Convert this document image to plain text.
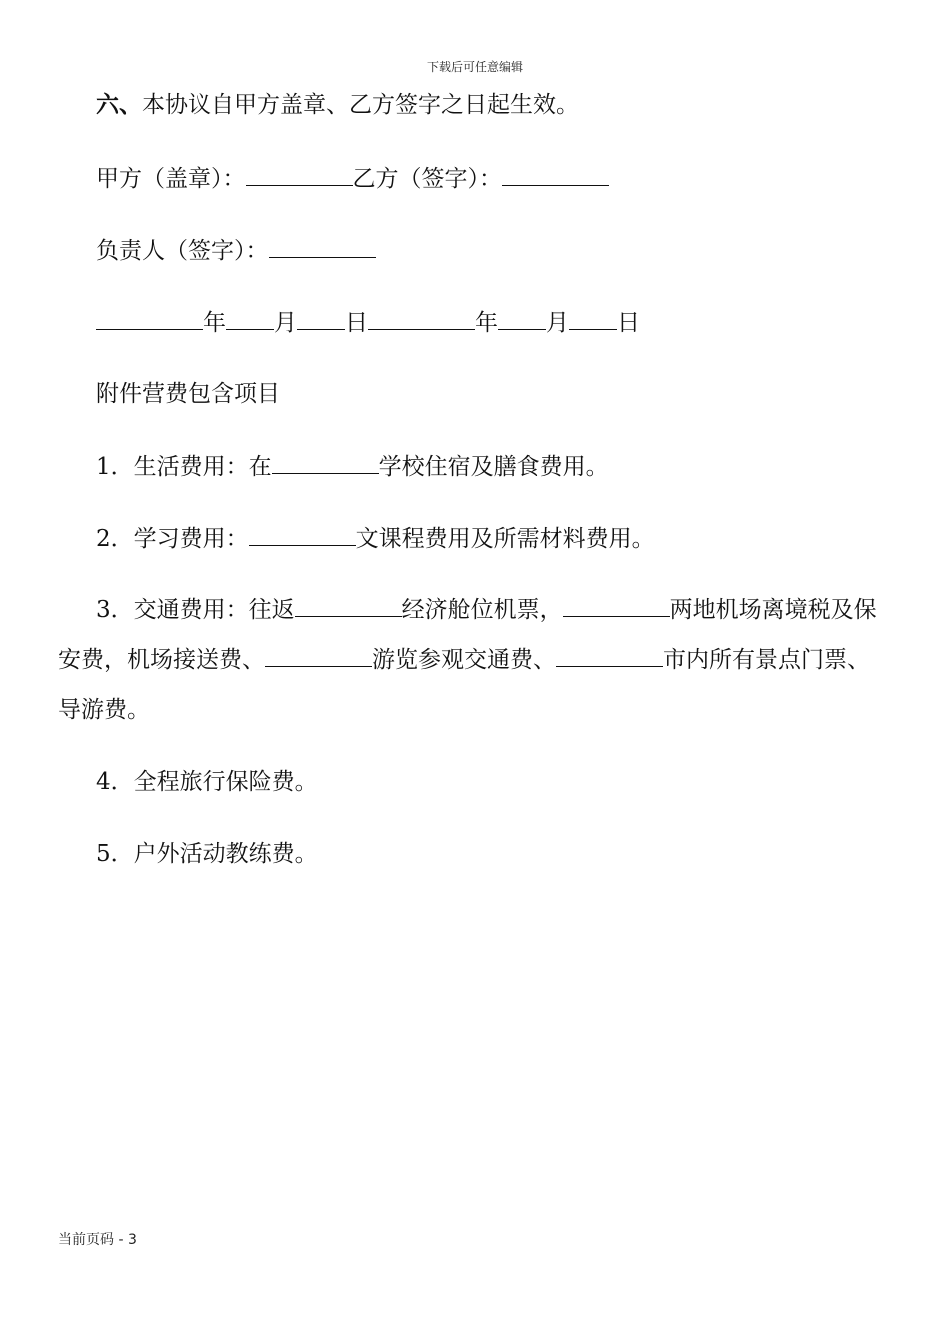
下载后可任意编辑
六、本协议自甲方盖章、乙方签字之日起生效。
甲方（盖章）：	乙方（签字）：
负责人（签字）：
年 月 日	年 月 日
附件营费包含项目
1．生活费用：在	学校住宿及膳食费用。
2．学习费用：	文课程费用及所需材料费用。
3．交通费用：往返	经济舱位机票，	两地机场离境税及保安费，机场接送费、	游览参观交通费、	市内所有景点门票、导游费。
4．全程旅行保险费。
5．户外活动教练费。
当前页码 - 3
